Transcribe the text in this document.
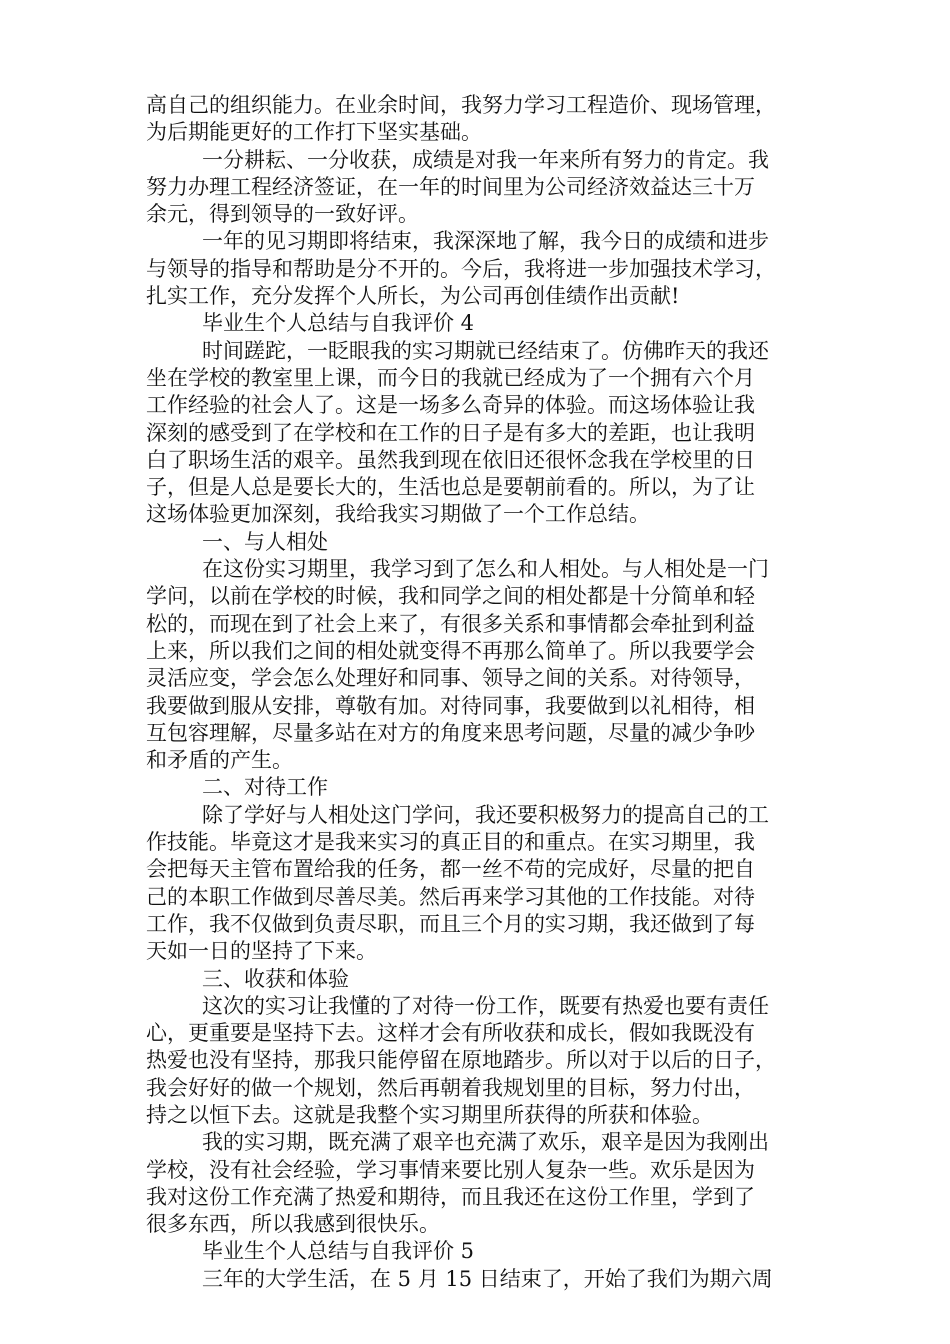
高自己的组织能力。在业余时间，我努力学习工程造价、现场管理，
为后期能更好的工作打下坚实基础。
一分耕耘、一分收获，成绩是对我一年来所有努力的肯定。我
努力办理工程经济签证，在一年的时间里为公司经济效益达三十万
余元，得到领导的一致好评。
一年的见习期即将结束，我深深地了解，我今日的成绩和进步
与领导的指导和帮助是分不开的。今后，我将进一步加强技术学习，
扎实工作，充分发挥个人所长，为公司再创佳绩作出贡献!
毕业生个人总结与自我评价 4
时间蹉跎，一眨眼我的实习期就已经结束了。仿佛昨天的我还
坐在学校的教室里上课，而今日的我就已经成为了一个拥有六个月
工作经验的社会人了。这是一场多么奇异的体验。而这场体验让我
深刻的感受到了在学校和在工作的日子是有多大的差距，也让我明
白了职场生活的艰辛。虽然我到现在依旧还很怀念我在学校里的日
子，但是人总是要长大的，生活也总是要朝前看的。所以，为了让
这场体验更加深刻，我给我实习期做了一个工作总结。
一、与人相处
在这份实习期里，我学习到了怎么和人相处。与人相处是一门
学问，以前在学校的时候，我和同学之间的相处都是十分简单和轻
松的，而现在到了社会上来了，有很多关系和事情都会牵扯到利益
上来，所以我们之间的相处就变得不再那么简单了。所以我要学会
灵活应变，学会怎么处理好和同事、领导之间的关系。对待领导，
我要做到服从安排，尊敬有加。对待同事，我要做到以礼相待，相
互包容理解，尽量多站在对方的角度来思考问题，尽量的减少争吵
和矛盾的产生。
二、对待工作
除了学好与人相处这门学问，我还要积极努力的提高自己的工
作技能。毕竟这才是我来实习的真正目的和重点。在实习期里，我
会把每天主管布置给我的任务，都一丝不苟的完成好，尽量的把自
己的本职工作做到尽善尽美。然后再来学习其他的工作技能。对待
工作，我不仅做到负责尽职，而且三个月的实习期，我还做到了每
天如一日的坚持了下来。
三、收获和体验
这次的实习让我懂的了对待一份工作，既要有热爱也要有责任
心，更重要是坚持下去。这样才会有所收获和成长，假如我既没有
热爱也没有坚持，那我只能停留在原地踏步。所以对于以后的日子，
我会好好的做一个规划，然后再朝着我规划里的目标，努力付出，
持之以恒下去。这就是我整个实习期里所获得的所获和体验。
我的实习期，既充满了艰辛也充满了欢乐，艰辛是因为我刚出
学校，没有社会经验，学习事情来要比别人复杂一些。欢乐是因为
我对这份工作充满了热爱和期待，而且我还在这份工作里，学到了
很多东西，所以我感到很快乐。
毕业生个人总结与自我评价 5
三年的大学生活，在 5 月 15 日结束了，开始了我们为期六周
